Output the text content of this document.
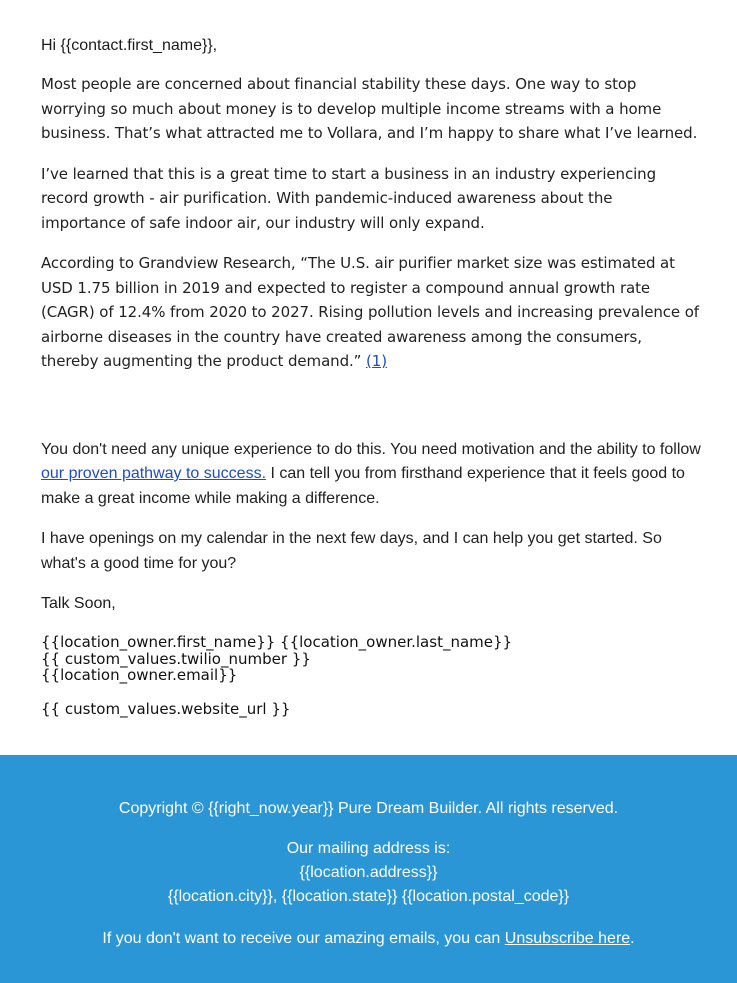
Hi {{contact.first_name}},

Most people are concerned about financial stability these days. One way to stop worrying so much about money is to develop multiple income streams with a home business. That’s what attracted me to Vollara, and I’m happy to share what I’ve learned.

I’ve learned that this is a great time to start a business in an industry experiencing record growth - air purification. With pandemic-induced awareness about the importance of safe indoor air, our industry will only expand.

According to Grandview Research, “The U.S. air purifier market size was estimated at USD 1.75 billion in 2019 and expected to register a compound annual growth rate (CAGR) of 12.4% from 2020 to 2027. Rising pollution levels and increasing prevalence of airborne diseases in the country have created awareness among the consumers, thereby augmenting the product demand.” (1)

You don't need any unique experience to do this. You need motivation and the ability to follow our proven pathway to success. I can tell you from firsthand experience that it feels good to make a great income while making a difference.

I have openings on my calendar in the next few days, and I can help you get started. So what's a good time for you?

Talk Soon,

{{location_owner.first_name}} {{location_owner.last_name}}
{{ custom_values.twilio_number }}
{{location_owner.email}}
{{ custom_values.website_url }}
Copyright © {{right_now.year}} Pure Dream Builder. All rights reserved.
Our mailing address is:
{{location.address}}
{{location.city}}, {{location.state}} {{location.postal_code}}
If you don't want to receive our amazing emails, you can Unsubscribe here.
